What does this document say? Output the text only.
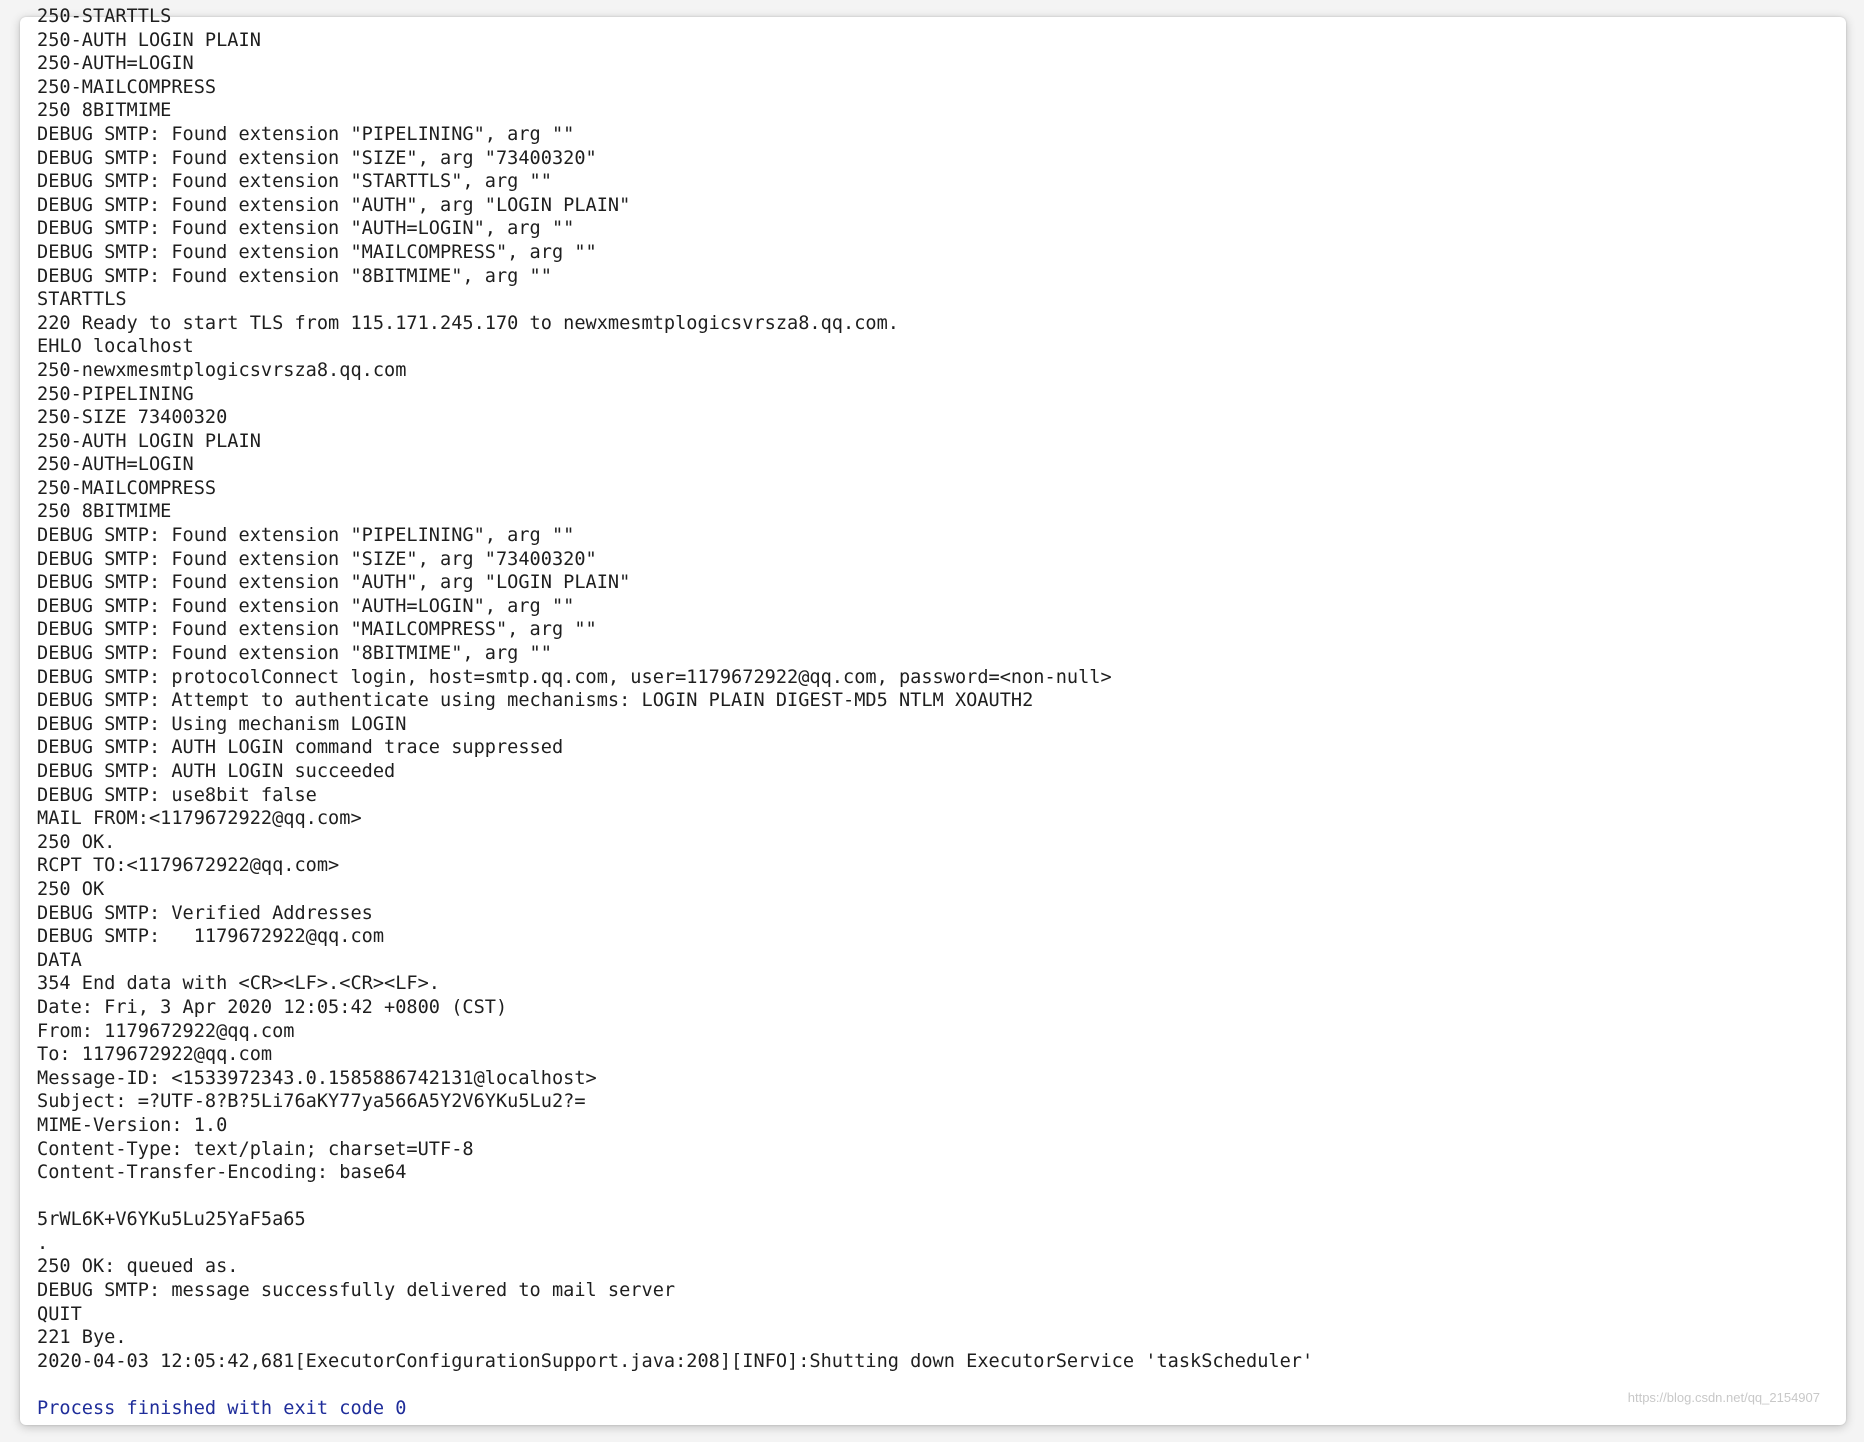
250-STARTTLS
250-AUTH LOGIN PLAIN
250-AUTH=LOGIN
250-MAILCOMPRESS
250 8BITMIME
DEBUG SMTP: Found extension "PIPELINING", arg ""
DEBUG SMTP: Found extension "SIZE", arg "73400320"
DEBUG SMTP: Found extension "STARTTLS", arg ""
DEBUG SMTP: Found extension "AUTH", arg "LOGIN PLAIN"
DEBUG SMTP: Found extension "AUTH=LOGIN", arg ""
DEBUG SMTP: Found extension "MAILCOMPRESS", arg ""
DEBUG SMTP: Found extension "8BITMIME", arg ""
STARTTLS
220 Ready to start TLS from 115.171.245.170 to newxmesmtplogicsvrsza8.qq.com.
EHLO localhost
250-newxmesmtplogicsvrsza8.qq.com
250-PIPELINING
250-SIZE 73400320
250-AUTH LOGIN PLAIN
250-AUTH=LOGIN
250-MAILCOMPRESS
250 8BITMIME
DEBUG SMTP: Found extension "PIPELINING", arg ""
DEBUG SMTP: Found extension "SIZE", arg "73400320"
DEBUG SMTP: Found extension "AUTH", arg "LOGIN PLAIN"
DEBUG SMTP: Found extension "AUTH=LOGIN", arg ""
DEBUG SMTP: Found extension "MAILCOMPRESS", arg ""
DEBUG SMTP: Found extension "8BITMIME", arg ""
DEBUG SMTP: protocolConnect login, host=smtp.qq.com, user=1179672922@qq.com, password=<non-null>
DEBUG SMTP: Attempt to authenticate using mechanisms: LOGIN PLAIN DIGEST-MD5 NTLM XOAUTH2
DEBUG SMTP: Using mechanism LOGIN
DEBUG SMTP: AUTH LOGIN command trace suppressed
DEBUG SMTP: AUTH LOGIN succeeded
DEBUG SMTP: use8bit false
MAIL FROM:<1179672922@qq.com>
250 OK.
RCPT TO:<1179672922@qq.com>
250 OK
DEBUG SMTP: Verified Addresses
DEBUG SMTP:   1179672922@qq.com
DATA
354 End data with <CR><LF>.<CR><LF>.
Date: Fri, 3 Apr 2020 12:05:42 +0800 (CST)
From: 1179672922@qq.com
To: 1179672922@qq.com
Message-ID: <1533972343.0.1585886742131@localhost>
Subject: =?UTF-8?B?5Li76aKY77ya566A5Y2V6YKu5Lu2?=
MIME-Version: 1.0
Content-Type: text/plain; charset=UTF-8
Content-Transfer-Encoding: base64
5rWL6K+V6YKu5Lu25YaF5a65
.
250 OK: queued as.
DEBUG SMTP: message successfully delivered to mail server
QUIT
221 Bye.
2020-04-03 12:05:42,681[ExecutorConfigurationSupport.java:208][INFO]:Shutting down ExecutorService 'taskScheduler'
Process finished with exit code 0
https://blog.csdn.net/qq_2154907
